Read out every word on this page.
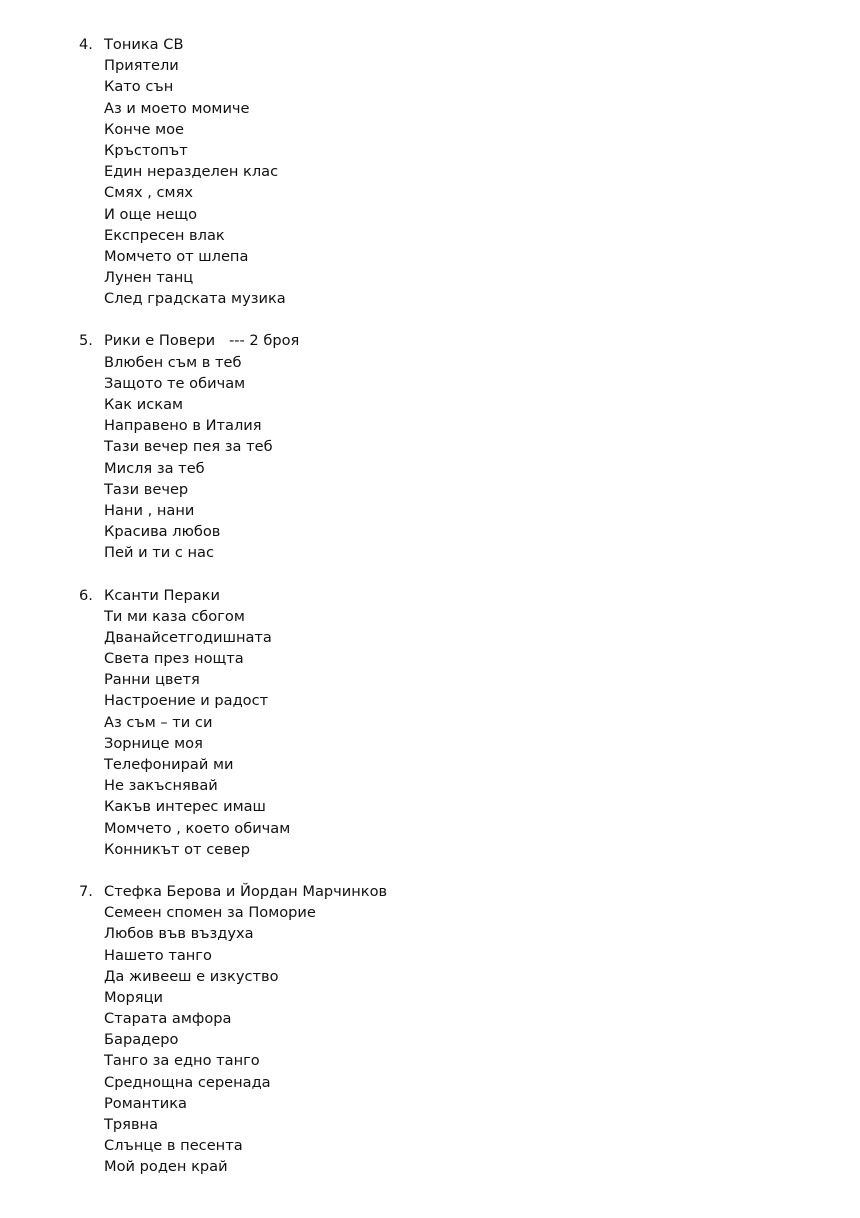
4. Тоника СВ
Приятели
Като сън
Аз и моето момиче
Конче мое
Кръстопът
Един неразделен клас
Смях , смях
И още нещо
Експресен влак
Момчето от шлепа
Лунен танц
След градската музика
5. Рики е Повери   --- 2 броя
Влюбен съм в теб
Защото те обичам
Как искам
Направено в Италия
Тази вечер пея за теб
Мисля за теб
Тази вечер
Нани , нани
Красива любов
Пей и ти с нас
6. Ксанти Пераки
Ти ми каза сбогом
Дванайсетгодишната
Света през нощта
Ранни цветя
Настроение и радост
Аз съм – ти си
Зорнице моя
Телефонирай ми
Не закъснявай
Какъв интерес имаш
Момчето , което обичам
Конникът от север
7. Стефка Берова и Йордан Марчинков
Семеен спомен за Поморие
Любов във въздуха
Нашето танго
Да живееш е изкуство
Моряци
Старата амфора
Барадеро
Танго за едно танго
Среднощна серенада
Романтика
Трявна
Слънце в песента
Мой роден край
